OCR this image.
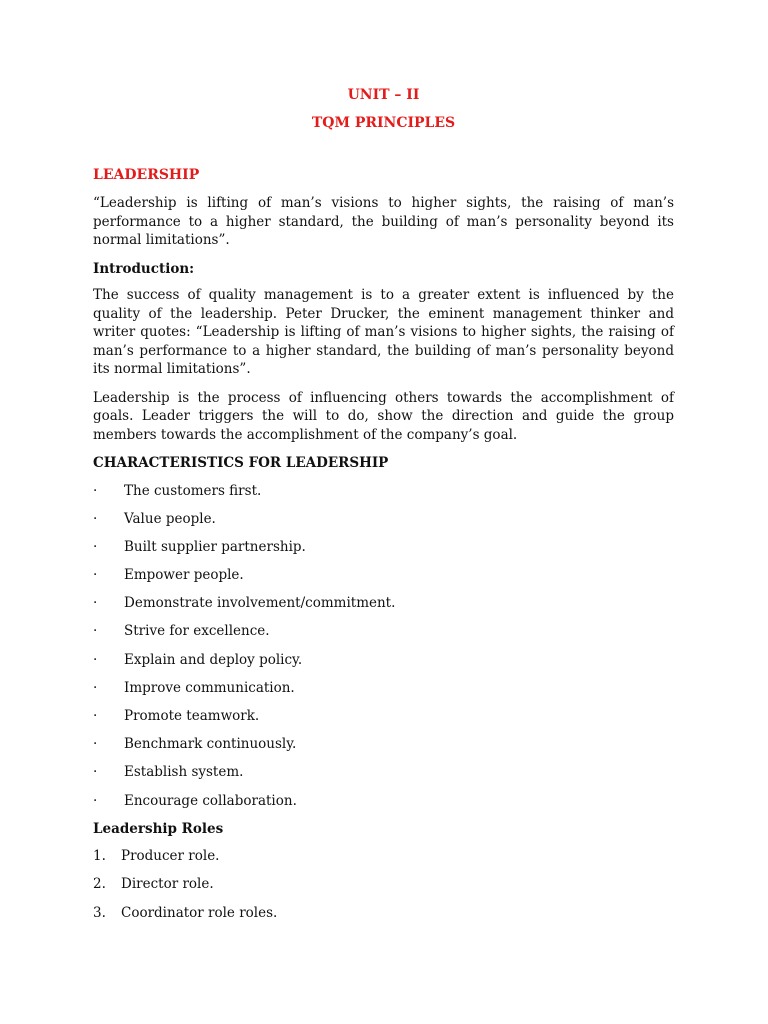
UNIT – II
TQM PRINCIPLES
LEADERSHIP

“Leadership is lifting of man’s visions to higher sights, the raising of man’s performance to a higher standard, the building of man’s personality beyond its normal limitations”.

Introduction:

The success of quality management is to a greater extent is influenced by the quality of the leadership. Peter Drucker, the eminent management thinker and writer quotes: “Leadership is lifting of man’s visions to higher sights, the raising of man’s performance to a higher standard, the building of man’s personality beyond its normal limitations”.

Leadership is the process of influencing others towards the accomplishment of goals. Leader triggers the will to do, show the direction and guide the group members towards the accomplishment of the company’s goal.

CHARACTERISTICS FOR LEADERSHIP
·	The customers first.
·	Value people.
·	Built supplier partnership.
·	Empower people.
·	Demonstrate involvement/commitment.
·	Strive for excellence.
·	Explain and deploy policy.
·	Improve communication.
·	Promote teamwork.
·	Benchmark continuously.
·	Establish system.
·	Encourage collaboration.
Leadership Roles
1. Producer role.
2. Director role.
3. Coordinator role roles.
